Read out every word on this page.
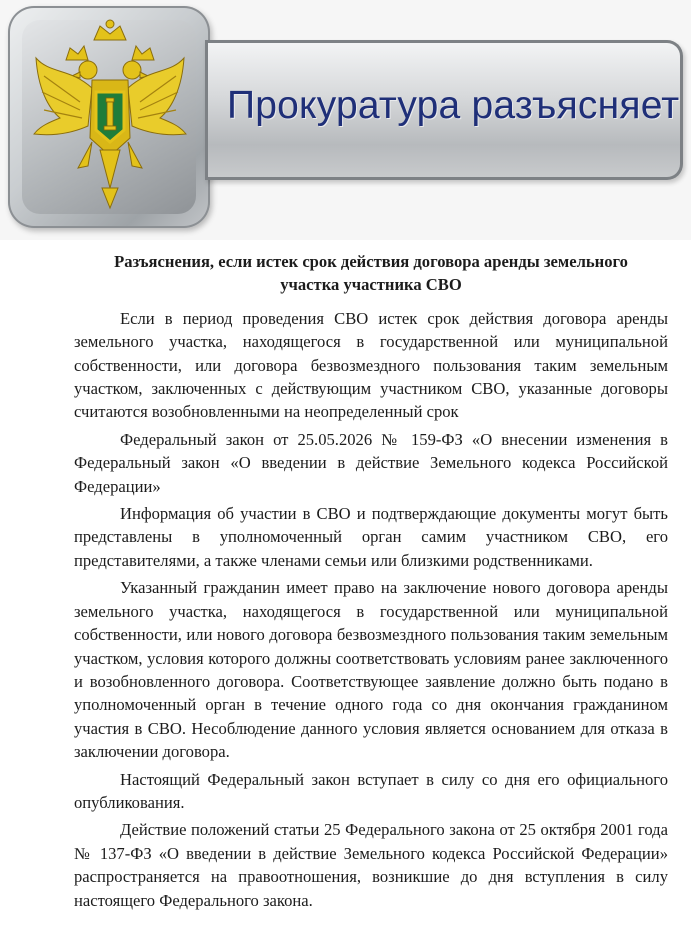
Прокуратура разъясняет
Разъяснения, если истек срок действия договора аренды земельного участка участника СВО

Если в период проведения СВО истек срок действия договора аренды земельного участка, находящегося в государственной или муниципальной собственности, или договора безвозмездного пользования таким земельным участком, заключенных с действующим участником СВО, указанные договоры считаются возобновленными на неопределенный срок

Федеральный закон от 25.05.2026 № 159-ФЗ «О внесении изменения в Федеральный закон «О введении в действие Земельного кодекса Российской Федерации»

Информация об участии в СВО и подтверждающие документы могут быть представлены в уполномоченный орган самим участником СВО, его представителями, а также членами семьи или близкими родственниками.

Указанный гражданин имеет право на заключение нового договора аренды земельного участка, находящегося в государственной или муниципальной собственности, или нового договора безвозмездного пользования таким земельным участком, условия которого должны соответствовать условиям ранее заключенного и возобновленного договора. Соответствующее заявление должно быть подано в уполномоченный орган в течение одного года со дня окончания гражданином участия в СВО. Несоблюдение данного условия является основанием для отказа в заключении договора.

Настоящий Федеральный закон вступает в силу со дня его официального опубликования.

Действие положений статьи 25 Федерального закона от 25 октября 2001 года № 137-ФЗ «О введении в действие Земельного кодекса Российской Федерации» распространяется на правоотношения, возникшие до дня вступления в силу настоящего Федерального закона.
